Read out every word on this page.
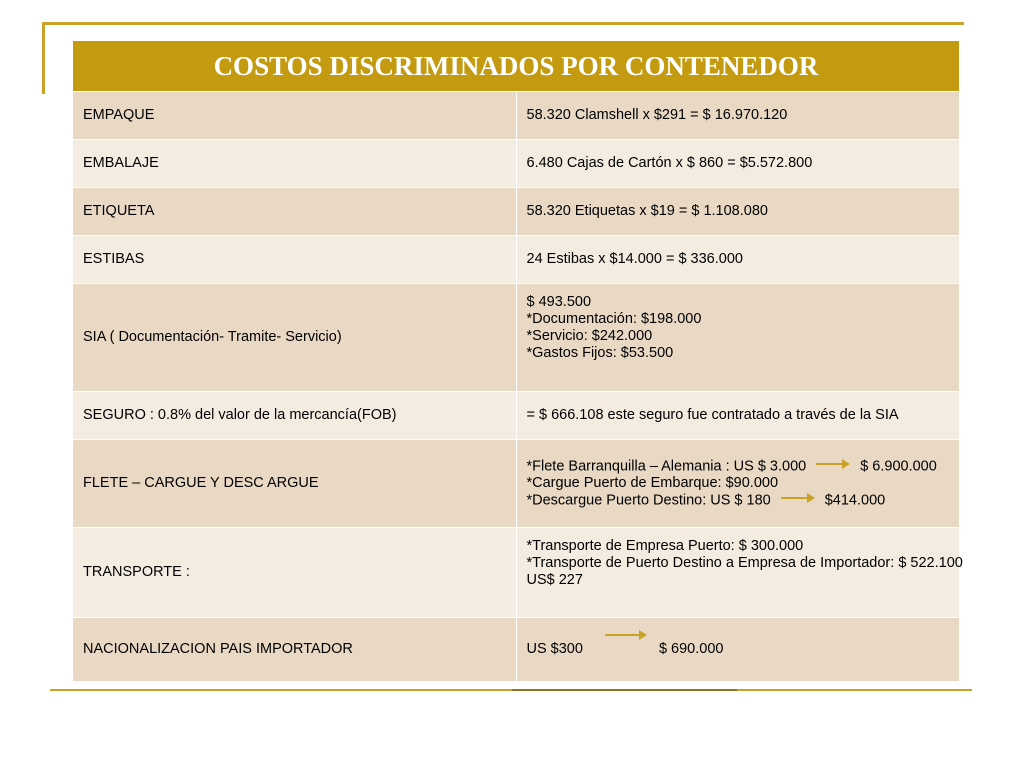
COSTOS DISCRIMINADOS POR CONTENEDOR	
EMPAQUE	58.320 Clamshell x $291 = $ 16.970.120

EMBALAJE	6.480 Cajas de Cartón x $ 860 = $5.572.800

ETIQUETA	58.320 Etiquetas x $19 = $ 1.108.080

ESTIBAS	24 Estibas x $14.000 = $ 336.000

SIA ( Documentación- Tramite- Servicio)	$ 493.500
*Documentación: $198.000
*Servicio: $242.000
*Gastos Fijos: $53.500

SEGURO : 0.8% del valor de la mercancía(FOB)	= $ 666.108 este seguro fue contratado a través de la SIA

FLETE – CARGUE Y DESC ARGUE	*Flete Barranquilla – Alemania : US $ 3.000 $ 6.900.000
*Cargue Puerto de Embarque: $90.000
*Descargue Puerto Destino: US $ 180 $414.000

TRANSPORTE :	*Transporte de Empresa Puerto: $ 300.000
*Transporte de Puerto Destino a Empresa de Importador: $ 522.100
US$ 227

NACIONALIZACION PAIS IMPORTADOR	US $300 $ 690.000
